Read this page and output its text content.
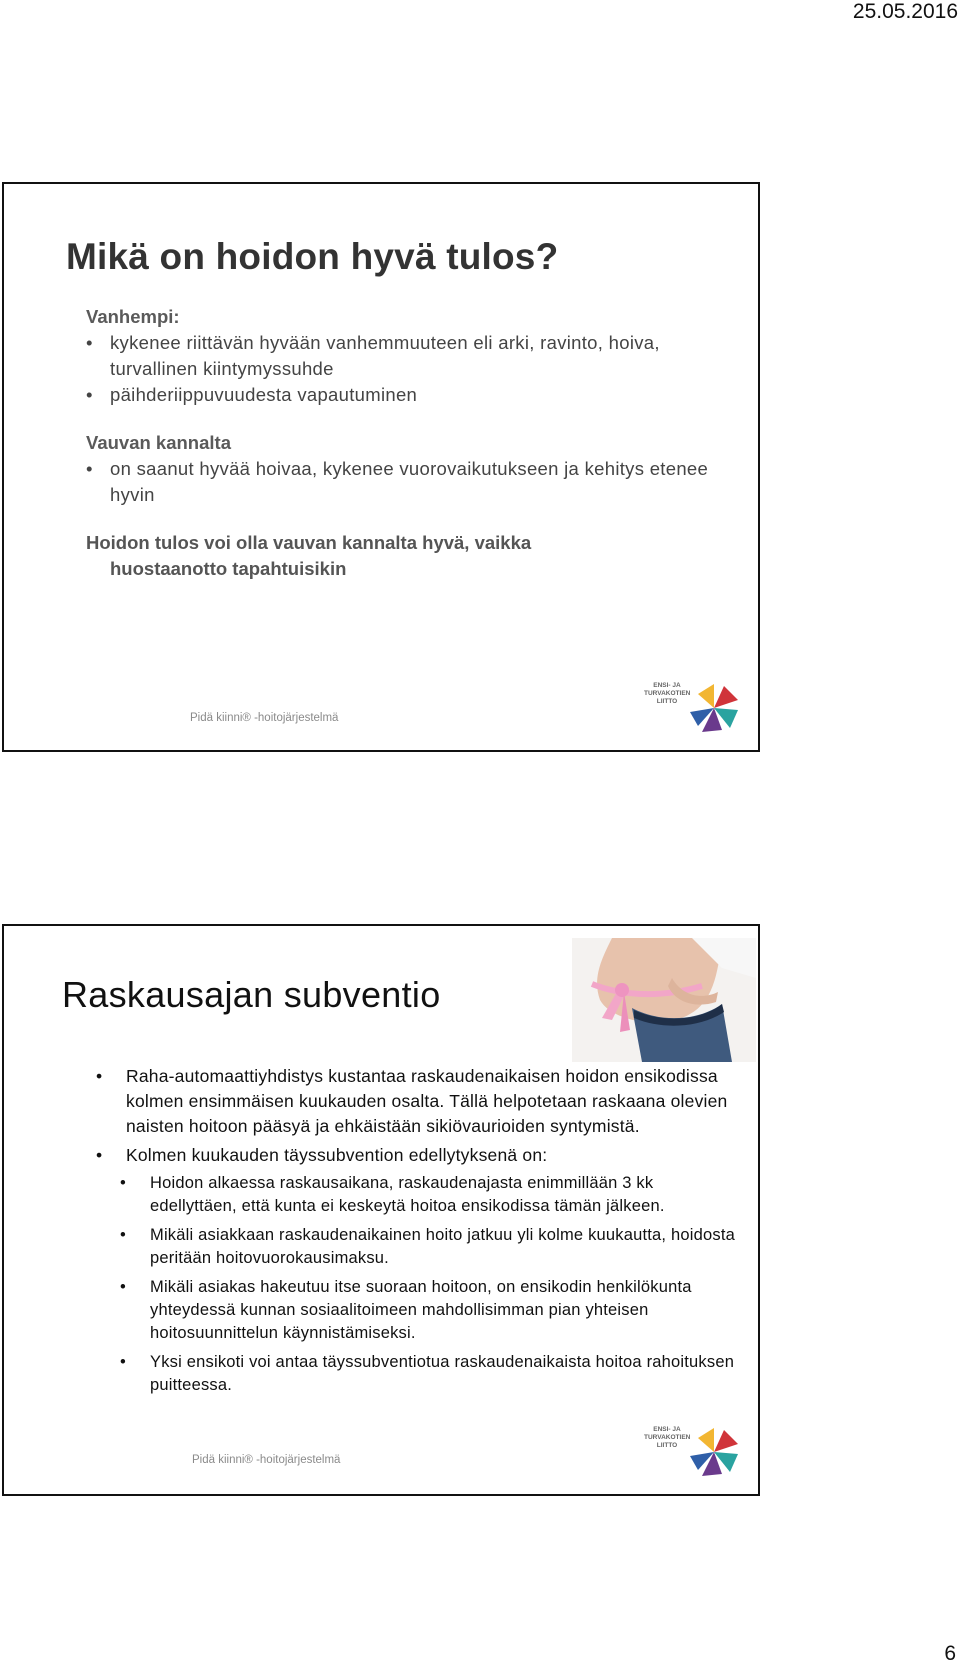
25.05.2016
Mikä on hoidon hyvä tulos?

Vanhempi:

• kykenee riittävän hyvään vanhemmuuteen eli arki, ravinto, hoiva, turvallinen kiintymyssuhde
• päihderiippuvuudesta vapautuminen

Vauvan kannalta

• on saanut hyvää hoivaa, kykenee vuorovaikutukseen ja kehitys etenee hyvin
Hoidon tulos voi olla vauvan kannalta hyvä, vaikka
huostaanotto tapahtuisikin
Pidä kiinni® -hoitojärjestelmä
ENSI- JA TURVAKOTIEN LIITTO
Raskausajan subventio
• Raha-automaattiyhdistys kustantaa raskaudenaikaisen hoidon ensikodissa kolmen ensimmäisen kuukauden osalta. Tällä helpotetaan raskaana olevien naisten hoitoon pääsyä ja ehkäistään sikiövaurioiden syntymistä.
• Kolmen kuukauden täyssubvention edellytyksenä on:
• Hoidon alkaessa raskausaikana, raskaudenajasta enimmillään 3 kk edellyttäen, että kunta ei keskeytä hoitoa ensikodissa tämän jälkeen.
• Mikäli asiakkaan raskaudenaikainen hoito jatkuu yli kolme kuukautta, hoidosta peritään hoitovuorokausimaksu.
• Mikäli asiakas hakeutuu itse suoraan hoitoon, on ensikodin henkilökunta yhteydessä kunnan sosiaalitoimeen mahdollisimman pian yhteisen hoitosuunnittelun käynnistämiseksi.
• Yksi ensikoti voi antaa täyssubventiotua raskaudenaikaista hoitoa rahoituksen puitteessa.
Pidä kiinni® -hoitojärjestelmä
ENSI- JA TURVAKOTIEN LIITTO
6
